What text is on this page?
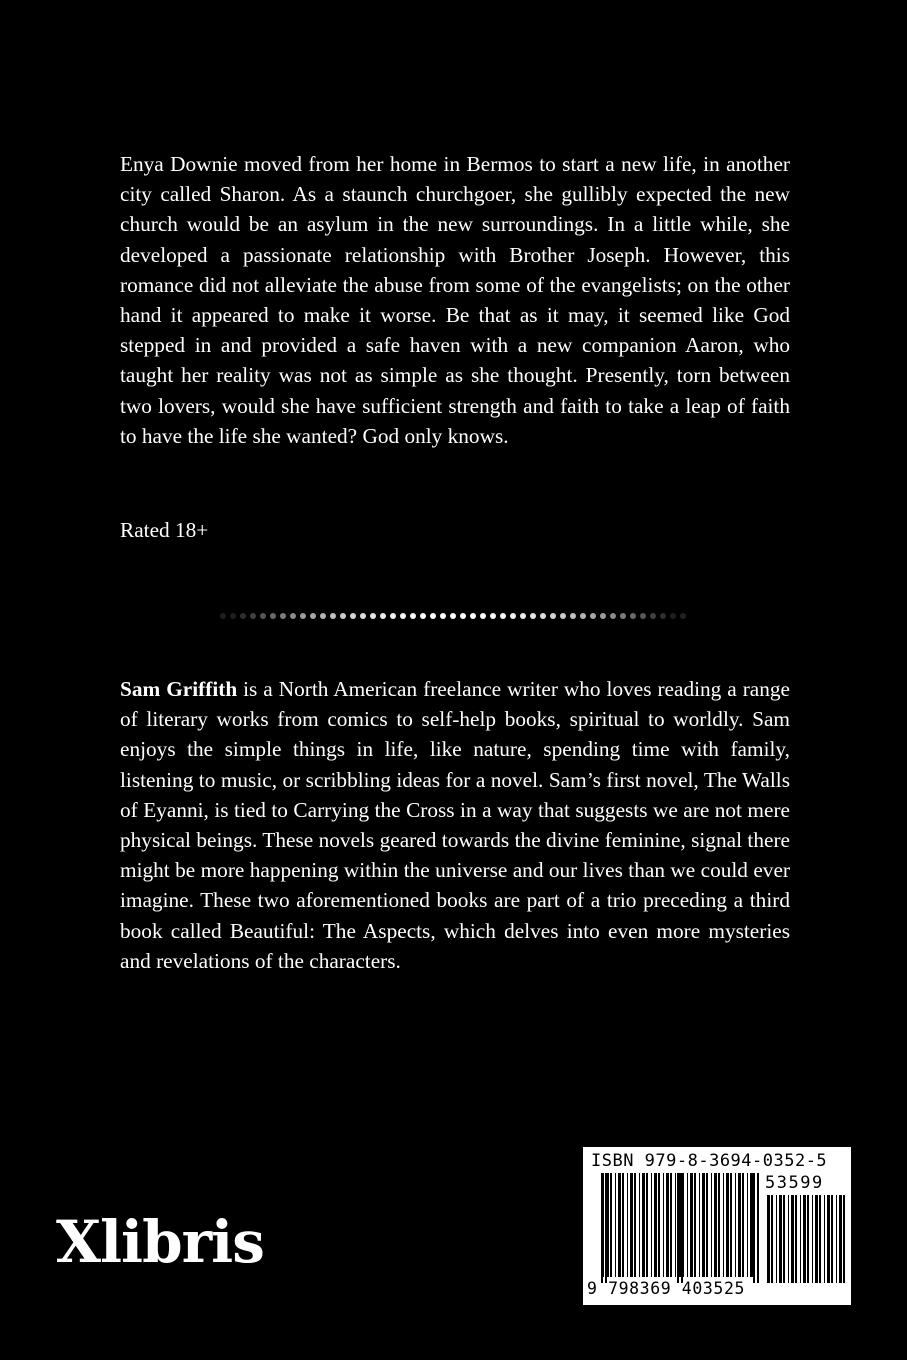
Enya Downie moved from her home in Bermos to start a new life, in another city called Sharon. As a staunch churchgoer, she gullibly expected the new church would be an asylum in the new surroundings. In a little while, she developed a passionate relationship with Brother Joseph. However, this romance did not alleviate the abuse from some of the evangelists; on the other hand it appeared to make it worse. Be that as it may, it seemed like God stepped in and provided a safe haven with a new companion Aaron, who taught her reality was not as simple as she thought. Presently, torn between two lovers, would she have sufficient strength and faith to take a leap of faith to have the life she wanted? God only knows.

Rated 18+

Sam Griffith is a North American freelance writer who loves reading a range of literary works from comics to self-help books, spiritual to worldly. Sam enjoys the simple things in life, like nature, spending time with family, listening to music, or scribbling ideas for a novel. Sam’s first novel, The Walls of Eyanni, is tied to Carrying the Cross in a way that suggests we are not mere physical beings. These novels geared towards the divine feminine, signal there might be more happening within the universe and our lives than we could ever imagine. These two aforementioned books are part of a trio preceding a third book called Beautiful: The Aspects, which delves into even more mysteries and revelations of the characters.

Xlibris
ISBN 979-8-3694-0352-5
53599
9 798369 403525
